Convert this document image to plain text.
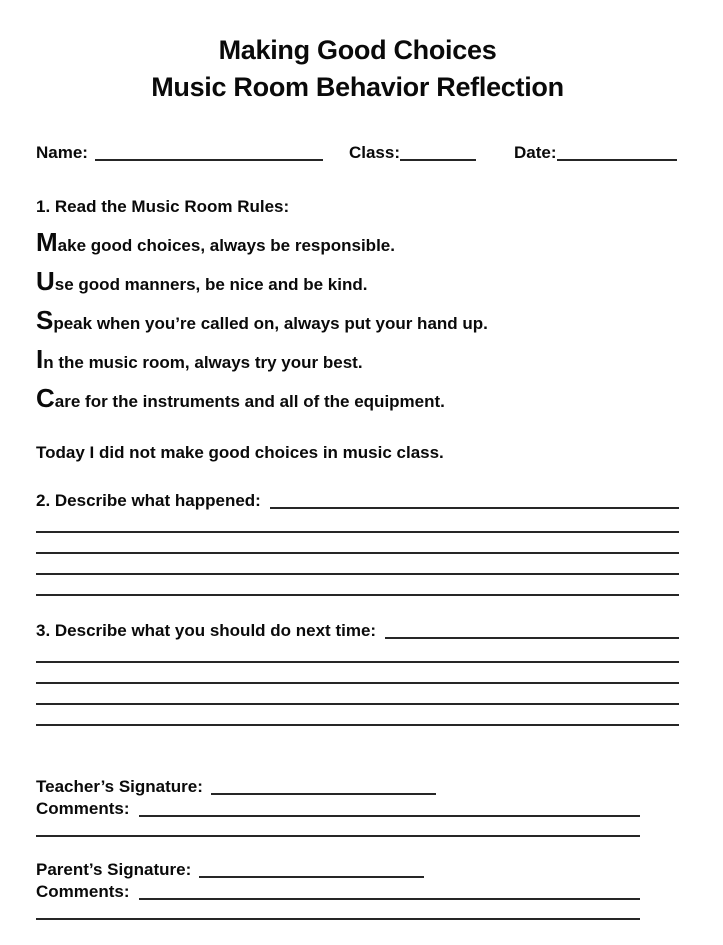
Making Good Choices
Music Room Behavior Reflection
Name:	Class:	Date:
1. Read the Music Room Rules:
Make good choices, always be responsible.
Use good manners, be nice and be kind.
Speak when you’re called on, always put your hand up.
In the music room, always try your best.
Care for the instruments and all of the equipment.
Today I did not make good choices in music class.
2. Describe what happened:
3. Describe what you should do next time:
Teacher’s Signature:
Comments:
Parent’s Signature:
Comments:
